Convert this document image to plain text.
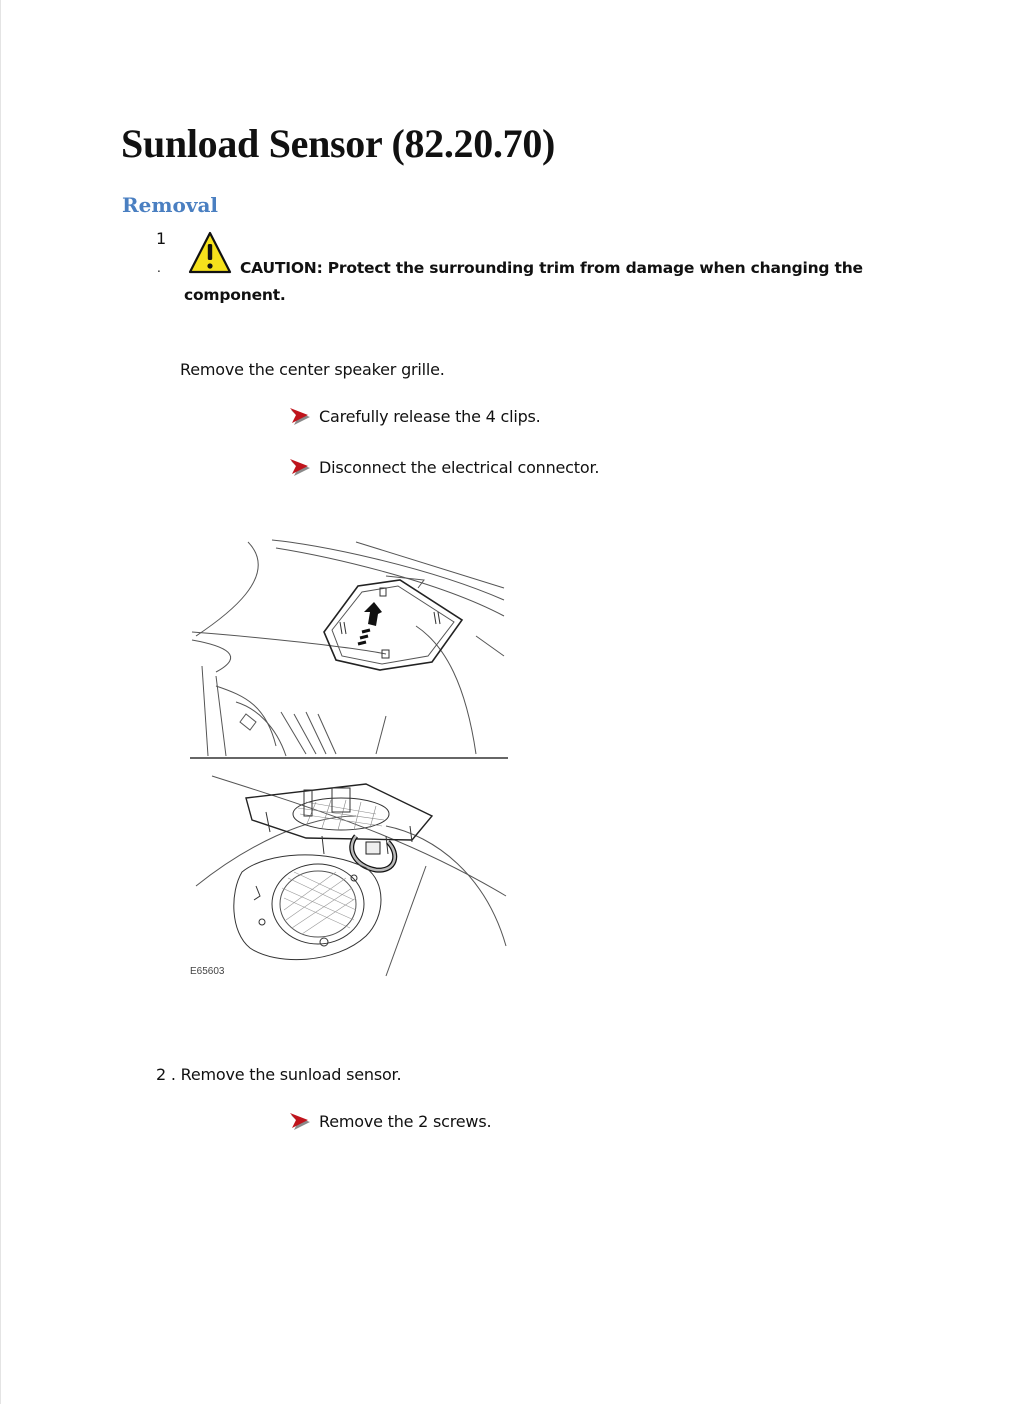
Sunload Sensor (82.20.70)
Removal
1
.	CAUTION: Protect the surrounding trim from damage when changing the
component.
Remove the center speaker grille.
Carefully release the 4 clips.
Disconnect the electrical connector.
E65603
2 . Remove the sunload sensor.
Remove the 2 screws.
